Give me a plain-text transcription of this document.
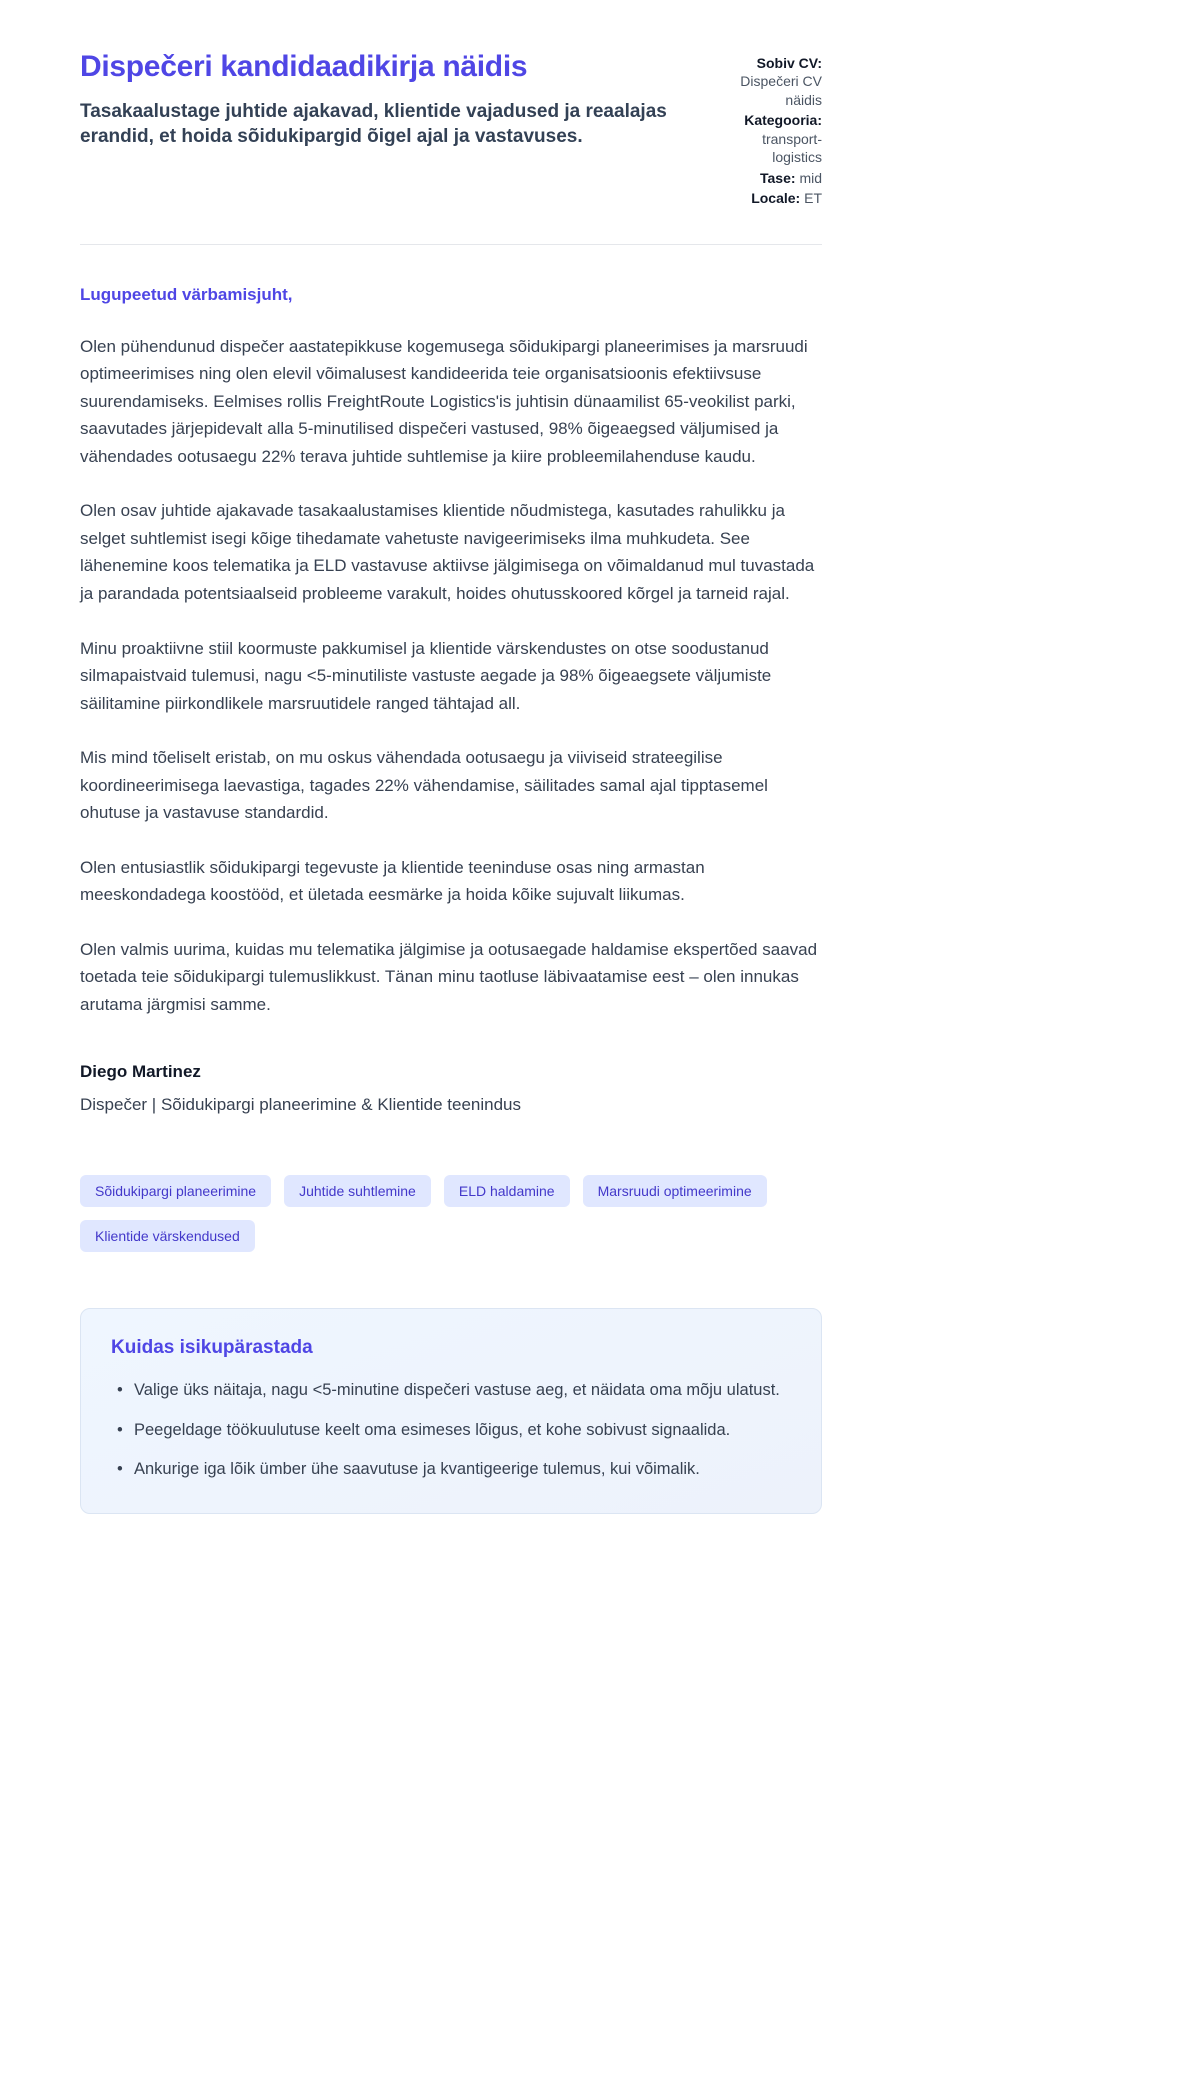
Dispečeri kandidaadikirja näidis

Tasakaalustage juhtide ajakavad, klientide vajadused ja reaalajas erandid, et hoida sõidukipargid õigel ajal ja vastavuses.

Sobiv CV: Dispečeri CV näidis
Kategooria: transport-logistics
Tase: mid
Locale: ET

Lugupeetud värbamisjuht,

Olen pühendunud dispečer aastatepikkuse kogemusega sõidukipargi planeerimises ja marsruudi optimeerimises ning olen elevil võimalusest kandideerida teie organisatsioonis efektiivsuse suurendamiseks. Eelmises rollis FreightRoute Logistics'is juhtisin dünaamilist 65-veokilist parki, saavutades järjepidevalt alla 5-minutilised dispečeri vastused, 98% õigeaegsed väljumised ja vähendades ootusaegu 22% terava juhtide suhtlemise ja kiire probleemilahenduse kaudu.

Olen osav juhtide ajakavade tasakaalustamises klientide nõudmistega, kasutades rahulikku ja selget suhtlemist isegi kõige tihedamate vahetuste navigeerimiseks ilma muhkudeta. See lähenemine koos telematika ja ELD vastavuse aktiivse jälgimisega on võimaldanud mul tuvastada ja parandada potentsiaalseid probleeme varakult, hoides ohutusskoored kõrgel ja tarneid rajal.

Minu proaktiivne stiil koormuste pakkumisel ja klientide värskendustes on otse soodustanud silmapaistvaid tulemusi, nagu <5-minutiliste vastuste aegade ja 98% õigeaegsete väljumiste säilitamine piirkondlikele marsruutidele ranged tähtajad all.

Mis mind tõeliselt eristab, on mu oskus vähendada ootusaegu ja viiviseid strateegilise koordineerimisega laevastiga, tagades 22% vähendamise, säilitades samal ajal tipptasemel ohutuse ja vastavuse standardid.

Olen entusiastlik sõidukipargi tegevuste ja klientide teeninduse osas ning armastan meeskondadega koostööd, et ületada eesmärke ja hoida kõike sujuvalt liikumas.

Olen valmis uurima, kuidas mu telematika jälgimise ja ootusaegade haldamise ekspertõed saavad toetada teie sõidukipargi tulemuslikkust. Tänan minu taotluse läbivaatamise eest – olen innukas arutama järgmisi samme.

Diego Martinez

Dispečer | Sõidukipargi planeerimine & Klientide teenindus

Sõidukipargi planeerimine	Juhtide suhtlemine	ELD haldamine	Marsruudi optimeerimine
Klientide värskendused
Kuidas isikupärastada
• Valige üks näitaja, nagu <5-minutine dispečeri vastuse aeg, et näidata oma mõju ulatust.
• Peegeldage töökuulutuse keelt oma esimeses lõigus, et kohe sobivust signaalida.
• Ankurige iga lõik ümber ühe saavutuse ja kvantigeerige tulemus, kui võimalik.
